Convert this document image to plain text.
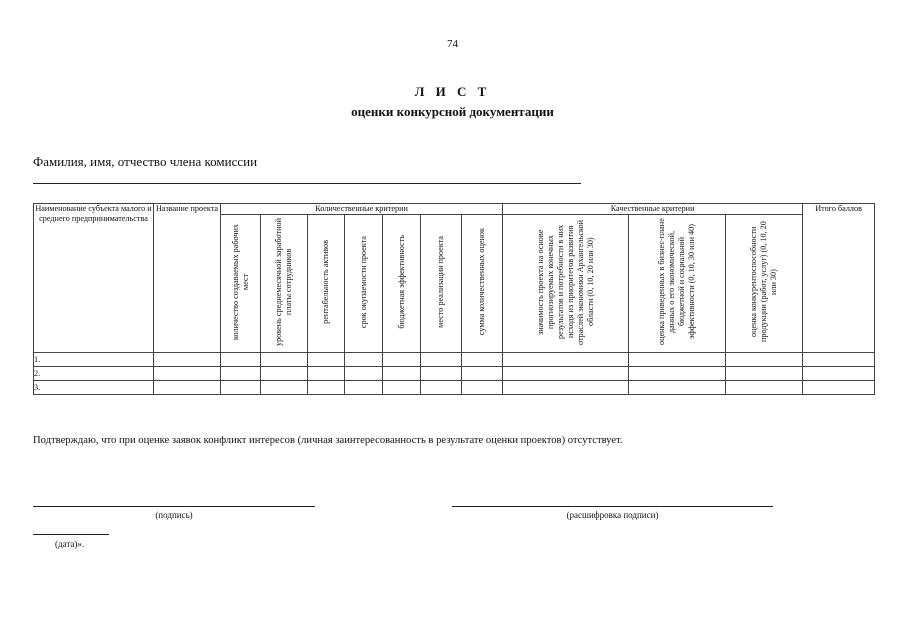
74
Л И С Т
оценки конкурсной документации
Фамилия, имя, отчество члена комиссии
Наименование субъекта малого и среднего предпринимательства	Название проекта	Количественные критерии							Качественные критерии			Итого баллов
		количество создаваемых рабочих мест	уровень среднемесячной заработной платы сотрудников	рентабельность активов	срок окупаемости проекта	бюджетная эффективность	место реализации проекта	сумма количественных оценок	значимость проекта на основе прогнозируемых конечных результатов и потребности в них исходя из приоритетов развития отраслей экономики Архангельской области (0, 10, 20 или 30)	оценка приведенных в бизнес-плане данных о его экономической, бюджетной и социальной эффективности (0, 10, 30 или 40)	оценка конкурентоспособности продукции (работ, услуг) (0, 10, 20 или 30)	
1.												
2.												
3.												
Подтверждаю, что при оценке заявок конфликт интересов (личная заинтересованность в результате оценки проектов) отсутствует.
(подпись)	(расшифровка подписи)
(дата)».
